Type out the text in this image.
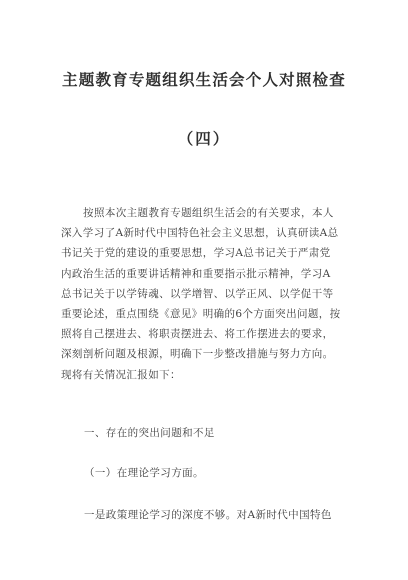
主题教育专题组织生活会个人对照检查
（四）
按照本次主题教育专题组织生活会的有关要求，本人
深入学习了A新时代中国特色社会主义思想，认真研读A总
书记关于党的建设的重要思想，学习A总书记关于严肃党
内政治生活的重要讲话精神和重要指示批示精神，学习A
总书记关于以学铸魂、以学增智、以学正风、以学促干等
重要论述，重点围绕《意见》明确的6个方面突出问题，按
照将自己摆进去、将职责摆进去、将工作摆进去的要求，
深刻剖析问题及根源，明确下一步整改措施与努力方向。
现将有关情况汇报如下：
一、存在的突出问题和不足
（一）在理论学习方面。
一是政策理论学习的深度不够。对A新时代中国特色
